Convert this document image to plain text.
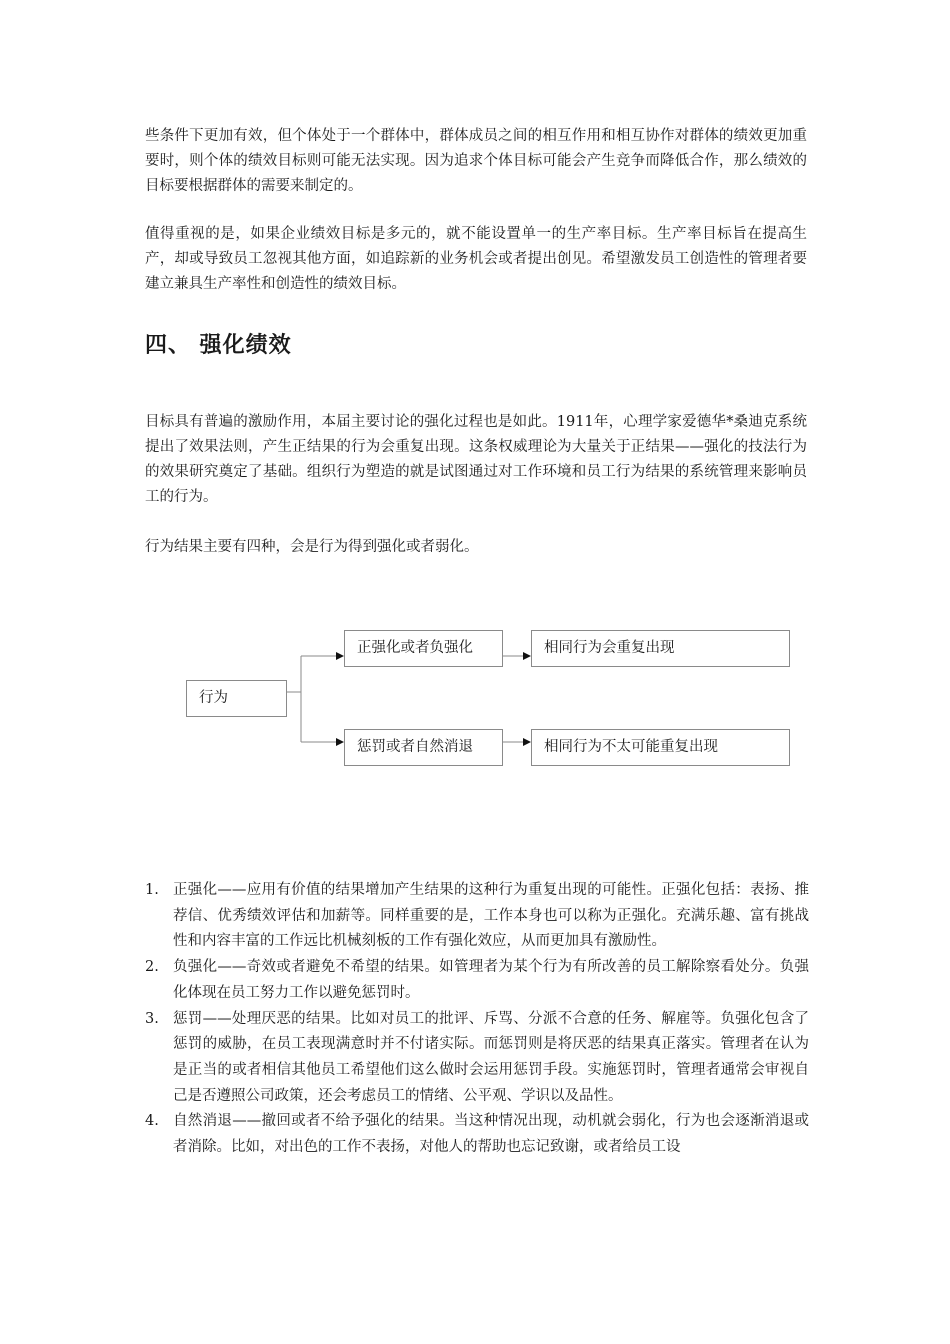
些条件下更加有效，但个体处于一个群体中，群体成员之间的相互作用和相互协作对群体的绩效更加重要时，则个体的绩效目标则可能无法实现。因为追求个体目标可能会产生竞争而降低合作，那么绩效的目标要根据群体的需要来制定的。

值得重视的是，如果企业绩效目标是多元的，就不能设置单一的生产率目标。生产率目标旨在提高生产，却或导致员工忽视其他方面，如追踪新的业务机会或者提出创见。希望激发员工创造性的管理者要建立兼具生产率性和创造性的绩效目标。

四、 强化绩效

目标具有普遍的激励作用，本届主要讨论的强化过程也是如此。1911年，心理学家爱德华*桑迪克系统提出了效果法则，产生正结果的行为会重复出现。这条权威理论为大量关于正结果——强化的技法行为的效果研究奠定了基础。组织行为塑造的就是试图通过对工作环境和员工行为结果的系统管理来影响员工的行为。

行为结果主要有四种，会是行为得到强化或者弱化。

行为
正强化或者负强化
惩罚或者自然消退
相同行为会重复出现
相同行为不太可能重复出现
1. 正强化——应用有价值的结果增加产生结果的这种行为重复出现的可能性。正强化包括：表扬、推荐信、优秀绩效评估和加薪等。同样重要的是，工作本身也可以称为正强化。充满乐趣、富有挑战性和内容丰富的工作远比机械刻板的工作有强化效应，从而更加具有激励性。
2. 负强化——奇效或者避免不希望的结果。如管理者为某个行为有所改善的员工解除察看处分。负强化体现在员工努力工作以避免惩罚时。
3. 惩罚——处理厌恶的结果。比如对员工的批评、斥骂、分派不合意的任务、解雇等。负强化包含了惩罚的威胁，在员工表现满意时并不付诸实际。而惩罚则是将厌恶的结果真正落实。管理者在认为是正当的或者相信其他员工希望他们这么做时会运用惩罚手段。实施惩罚时，管理者通常会审视自己是否遵照公司政策，还会考虑员工的情绪、公平观、学识以及品性。
4. 自然消退——撤回或者不给予强化的结果。当这种情况出现，动机就会弱化，行为也会逐渐消退或者消除。比如，对出色的工作不表扬，对他人的帮助也忘记致谢，或者给员工设
